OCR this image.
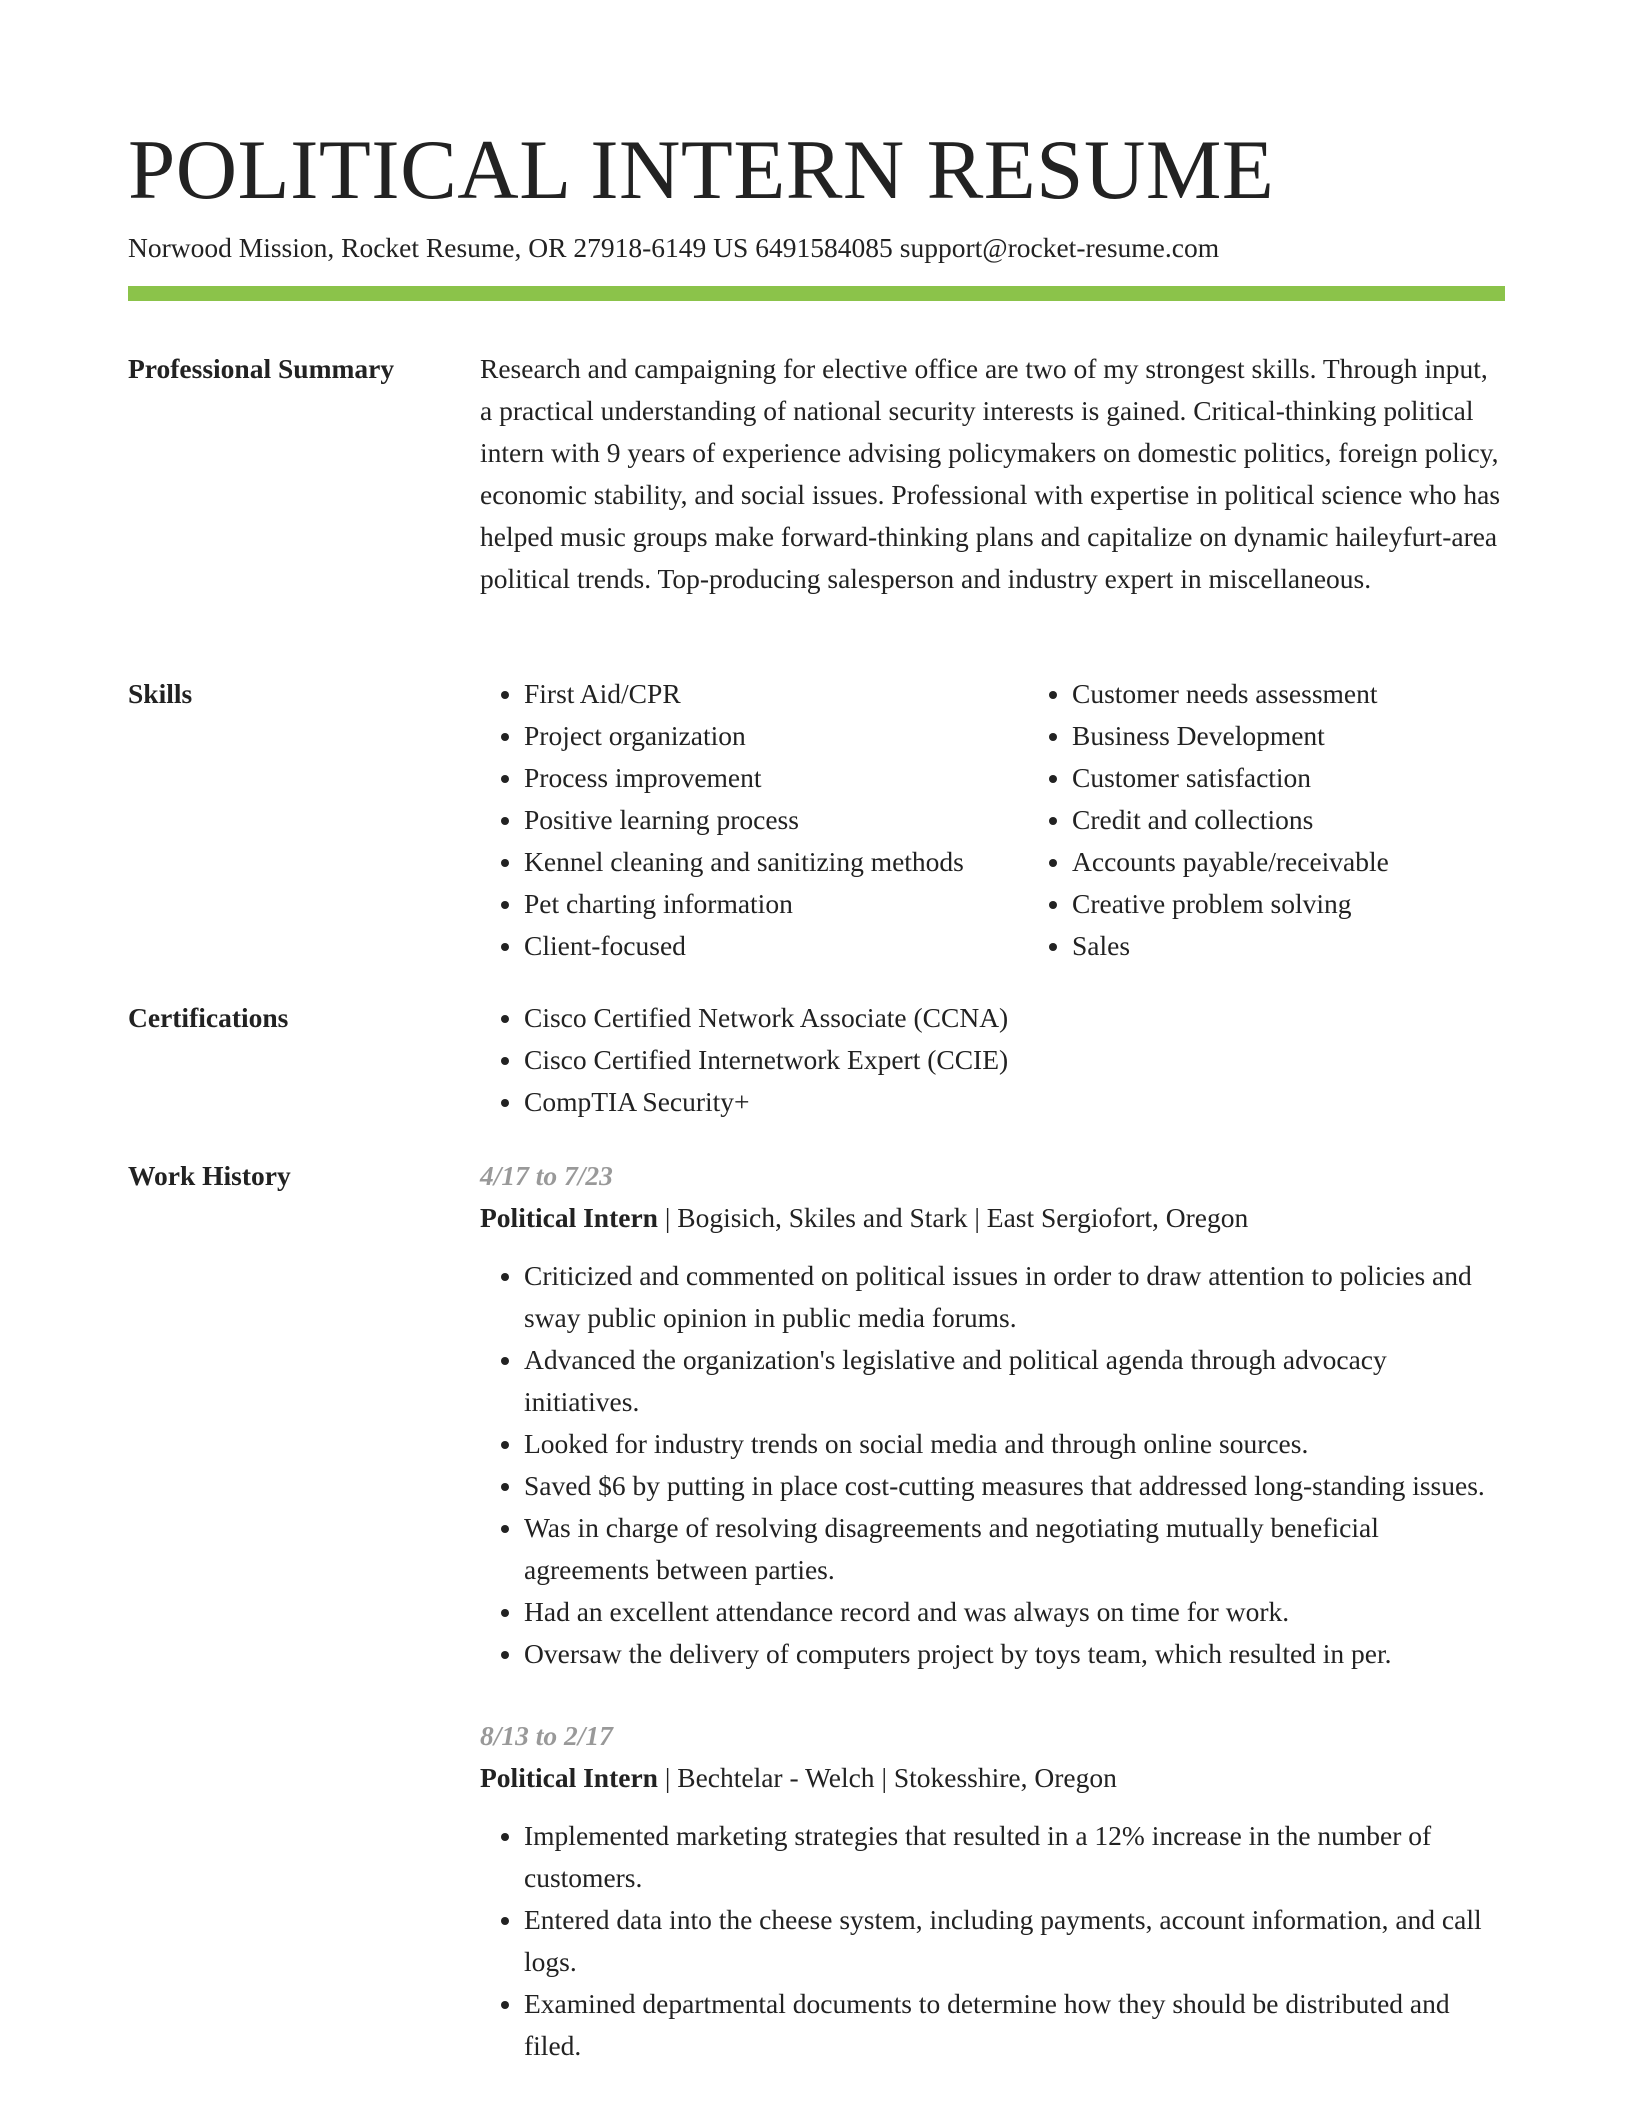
POLITICAL INTERN RESUME
Norwood Mission, Rocket Resume, OR 27918-6149 US 6491584085 support@rocket-resume.com
Professional Summary	Research and campaigning for elective office are two of my strongest skills. Through input, a practical understanding of national security interests is gained. Critical-thinking political intern with 9 years of experience advising policymakers on domestic politics, foreign policy, economic stability, and social issues. Professional with expertise in political science who has helped music groups make forward-thinking plans and capitalize on dynamic haileyfurt-area political trends. Top-producing salesperson and industry expert in miscellaneous.

Skills	• First Aid/CPR
• Project organization
• Process improvement
• Positive learning process
• Kennel cleaning and sanitizing methods
• Pet charting information
• Client-focused
• Customer needs assessment
• Business Development
• Customer satisfaction
• Credit and collections
• Accounts payable/receivable
• Creative problem solving
• Sales
Certifications	• Cisco Certified Network Associate (CCNA)
• Cisco Certified Internetwork Expert (CCIE)
• CompTIA Security+
Work History	4/17 to 7/23
Political Intern | Bogisich, Skiles and Stark | East Sergiofort, Oregon
• Criticized and commented on political issues in order to draw attention to policies and sway public opinion in public media forums.
• Advanced the organization's legislative and political agenda through advocacy initiatives.
• Looked for industry trends on social media and through online sources.
• Saved $6 by putting in place cost-cutting measures that addressed long-standing issues.
• Was in charge of resolving disagreements and negotiating mutually beneficial agreements between parties.
• Had an excellent attendance record and was always on time for work.
• Oversaw the delivery of computers project by toys team, which resulted in per.
8/13 to 2/17
Political Intern | Bechtelar - Welch | Stokesshire, Oregon
• Implemented marketing strategies that resulted in a 12% increase in the number of customers.
• Entered data into the cheese system, including payments, account information, and call logs.
• Examined departmental documents to determine how they should be distributed and filed.
